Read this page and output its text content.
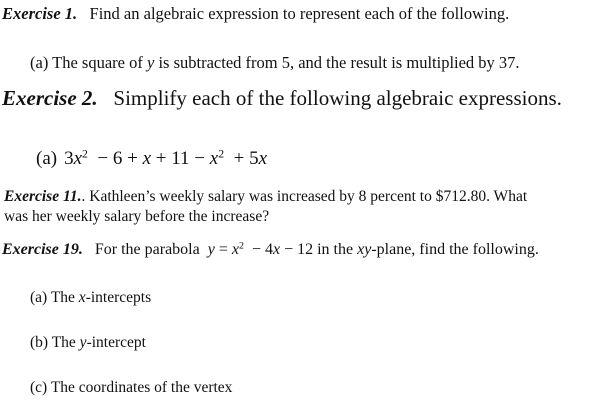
Exercise 1. Find an algebraic expression to represent each of the following.
(a) The square of y is subtracted from 5, and the result is multiplied by 37.
Exercise 2. Simplify each of the following algebraic expressions.
(a) $3x^2 - 6 + x + 11 - x^2 + 5x$
Exercise 11.. Kathleen’s weekly salary was increased by 8 percent to $712.80. What
was her weekly salary before the increase?
Exercise 19. For the parabola $y = x^2 - 4x - 12$ in the xy-plane, find the following.
(a) The x-intercepts
(b) The y-intercept
(c) The coordinates of the vertex
